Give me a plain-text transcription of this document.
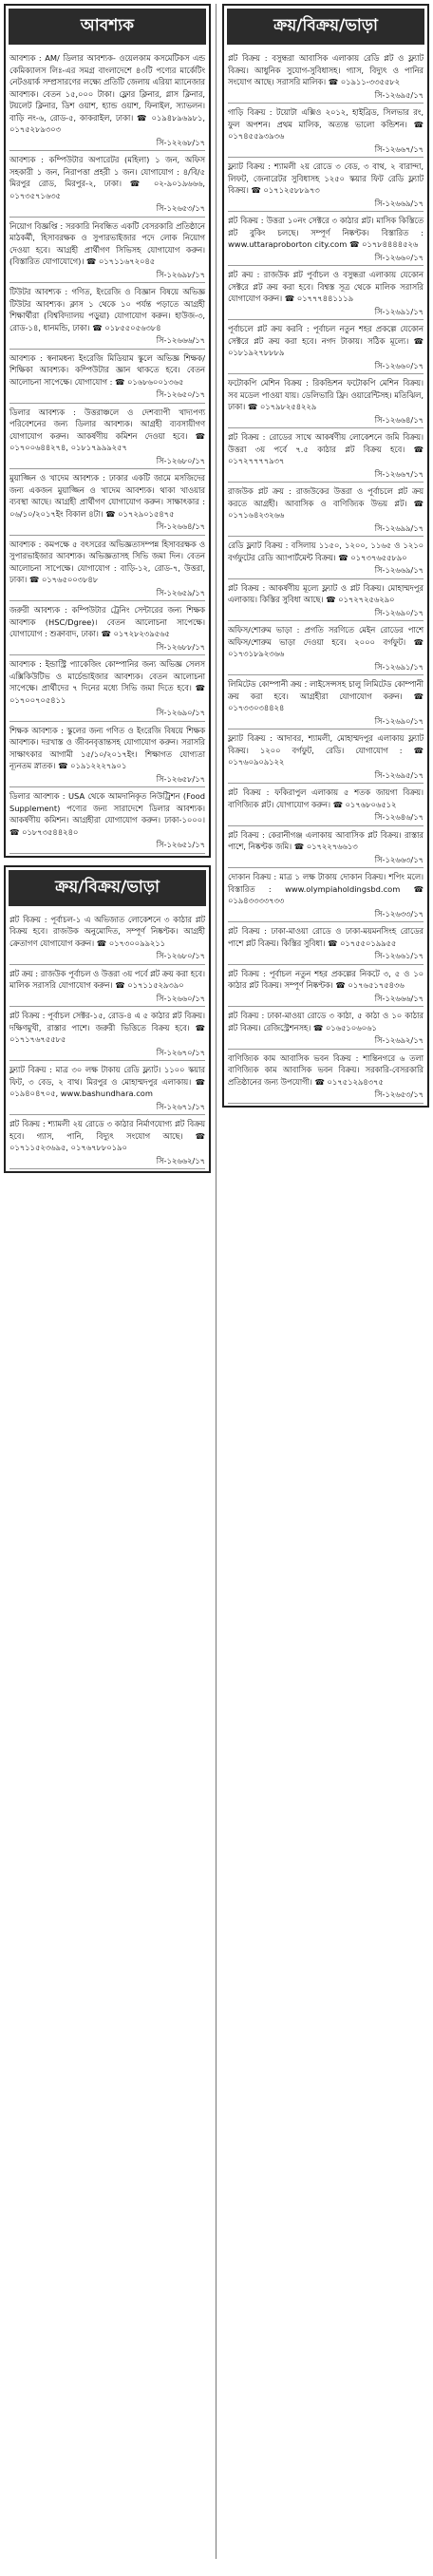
আবশ্যক
আবশ্যক : AM/ ডিলার আবশ্যক- ওয়েলকাম কসমেটিকস এন্ড কেমিক্যালস লিঃ-এর সমগ্র বাংলাদেশে ৪৩টি পণ্যের মার্কেটিং নেটওয়ার্ক সম্প্রসারণের লক্ষ্যে প্রতিটি জেলায় এরিয়া ম্যানেজার আবশ্যক। বেতন ১৫,০০০ টাকা। ফ্লোর ক্লিনার, গ্লাস ক্লিনার, টয়লেট ক্লিনার, ডিশ ওয়াশ, হ্যান্ড ওয়াশ, ফিনাইল, স্যাভলন। বাড়ি নং-৬, রোড-৫, কাকরাইল, ঢাকা। ☎ ০১৯৪৮৯৬৯৮১, ০১৭৫২৮৯৩০৩
সি-১২২৬৮/১৭
আবশ্যক : কম্পিউটার অপারেটর (মহিলা) ১ জন, অফিস সহকারী ১ জন, নিরাপত্তা প্রহরী ১ জন। যোগাযোগ : ৪/বি/৫ মিরপুর রোড, মিরপুর-২, ঢাকা। ☎ ০২-৯০১৯৬৬৬, ০১৭৩৫৭১৬৩৫
সি-১২৬৫৩/১৭
নিয়োগ বিজ্ঞপ্তি : সরকারি নিবন্ধিত একটি বেসরকারি প্রতিষ্ঠানে মাঠকর্মী, হিসাবরক্ষক ও সুপারভাইজার পদে লোক নিয়োগ দেওয়া হবে। আগ্রহী প্রার্থীগণ সিভিসহ যোগাযোগ করুন। (বিস্তারিত যোগাযোগে)। ☎ ০১৭১১৬৭২০৪৫
সি-১২৬৯৮/১৭
টিউটর আবশ্যক : গণিত, ইংরেজি ও বিজ্ঞান বিষয়ে অভিজ্ঞ টিউটর আবশ্যক। ক্লাস ১ থেকে ১০ পর্যন্ত পড়াতে আগ্রহী শিক্ষার্থীরা (বিশ্ববিদ্যালয় পড়ুয়া) যোগাযোগ করুন। হাউজ-৩, রোড-১৪, ধানমন্ডি, ঢাকা। ☎ ০১৮৫৫০৫৬৩৮৪
সি-১২৬৬৬/১৭
আবশ্যক : স্বনামধন্য ইংরেজি মিডিয়াম স্কুলে অভিজ্ঞ শিক্ষক/শিক্ষিকা আবশ্যক। কম্পিউটার জ্ঞান থাকতে হবে। বেতন আলোচনা সাপেক্ষে। যোগাযোগ : ☎ ০১৬৮৬০০১৩৬৫
সি-১২৬৫০/১৭
ডিলার আবশ্যক : উত্তরাঞ্চলে ও দেশব্যাপী খাদ্যপণ্য পরিবেশনের জন্য ডিলার আবশ্যক। আগ্রহী ব্যবসায়ীগণ যোগাযোগ করুন। আকর্ষণীয় কমিশন দেওয়া হবে। ☎ ০১৭০০৬৪৪২৭৪, ০১৮১৭৯৯৯২৫৭
সি-১২৬৮০/১৭
মুয়াজ্জিন ও খাদেম আবশ্যক : ঢাকার একটি জামে মসজিদের জন্য একজন মুয়াজ্জিন ও খাদেম আবশ্যক। থাকা খাওয়ার ব্যবস্থা আছে। আগ্রহী প্রার্থীগণ যোগাযোগ করুন। সাক্ষাৎকার : ০৬/১০/২০১৭ইং বিকাল ৪টা। ☎ ০১৭২৯০১৫৪৭৫
সি-১২৬৬৪/১৭
আবশ্যক : কমপক্ষে ৫ বৎসরের অভিজ্ঞতাসম্পন্ন হিসাবরক্ষক ও সুপারভাইজার আবশ্যক। অভিজ্ঞতাসহ সিভি জমা দিন। বেতন আলোচনা সাপেক্ষে। যোগাযোগ : বাড়ি-১২, রোড-৭, উত্তরা, ঢাকা। ☎ ০১৭৬৫০০৩৮৪৮
সি-১২৬৫৯/১৭
জরুরী আবশ্যক : কম্পিউটার ট্রেনিং সেন্টারের জন্য শিক্ষক আবশ্যক (HSC/Dgree)। বেতন আলোচনা সাপেক্ষে। যোগাযোগ : শুক্রাবাদ, ঢাকা। ☎ ০১৭২৮২৩৯৫৬৫
সি-১২৬৮৮/১৭
আবশ্যক : ইন্ডাস্ট্রি প্যাকেজিং কোম্পানির জন্য অভিজ্ঞ সেলস এক্সিকিউটিভ ও মার্চেন্ডাইজার আবশ্যক। বেতন আলোচনা সাপেক্ষে। প্রার্থীদের ৭ দিনের মধ্যে সিভি জমা দিতে হবে। ☎ ০১৭০০৭০৫৪১১
সি-১২৬৯০/১৭
শিক্ষক আবশ্যক : স্কুলের জন্য গণিত ও ইংরেজি বিষয়ে শিক্ষক আবশ্যক। দরখাস্ত ও জীবনবৃত্তান্তসহ যোগাযোগ করুন। সরাসরি সাক্ষাৎকার আগামী ১৫/১০/২০১৭ইং। শিক্ষাগত যোগ্যতা ন্যূনতম স্নাতক। ☎ ০১৯১২২২৭৯০১
সি-১২৬৫৮/১৭
ডিলার আবশ্যক : USA থেকে আমদানিকৃত নিউট্রিশন (Food Supplement) পণ্যের জন্য সারাদেশে ডিলার আবশ্যক। আকর্ষণীয় কমিশন। আগ্রহীরা যোগাযোগ করুন। ঢাকা-১০০০। ☎ ০১৮৭৩৫৪৪২৪০
সি-১২৬৫১/১৭
ক্রয়/বিক্রয়/ভাড়া
প্লট বিক্রয় : পূর্বাচল-১ এ অভিজাত লোকেশনে ৩ কাঠার প্লট বিক্রয় হবে। রাজউক অনুমোদিত, সম্পূর্ণ নিষ্কণ্টক। আগ্রহী ক্রেতাগণ যোগাযোগ করুন। ☎ ০১৭৩০০৯৯২১১
সি-১২৬৮০/১৭
প্লট ক্রয় : রাজউক পূর্বাচল ও উত্তরা ৩য় পর্বে প্লট ক্রয় করা হবে। মালিক সরাসরি যোগাযোগ করুন। ☎ ০১৭১১৫২৯৩৯০
সি-১২৬৬০/১৭
প্লট বিক্রয় : পূর্বাচল সেক্টর-১৫, রোড-৪ এ ৫ কাঠার প্লট বিক্রয়। দক্ষিণমুখী, রাস্তার পাশে। জরুরী ভিত্তিতে বিক্রয় হবে। ☎ ০১৭১৭৬৭৫৫৮৫
সি-১২৬৭০/১৭
ফ্ল্যাট বিক্রয় : মাত্র ৩০ লক্ষ টাকায় রেডি ফ্ল্যাট। ১১০০ স্কয়ার ফিট, ৩ বেড, ২ বাথ। মিরপুর ও মোহাম্মদপুর এলাকায়। ☎ ০১৯৪০৪৭০৫, www.bashundhara.com
সি-১২৬৭১/১৭
প্লট বিক্রয় : শ্যামলী ২য় রোডে ৩ কাঠার নির্মাণযোগ্য প্লট বিক্রয় হবে। গ্যাস, পানি, বিদ্যুৎ সংযোগ আছে। ☎ ০১৭১১৫২৩৬৯৫, ০১৭৬৭৮৮০১৯০
সি-১২৬৬২/১৭
ক্রয়/বিক্রয়/ভাড়া
প্লট বিক্রয় : বসুন্ধরা আবাসিক এলাকায় রেডি প্লট ও ফ্ল্যাট বিক্রয়। আধুনিক সুযোগ-সুবিধাসহ। গ্যাস, বিদ্যুৎ ও পানির সংযোগ আছে। সরাসরি মালিক। ☎ ০১৯১১-৩৩৫৫৮২
সি-১২৬৯৫/১৭
গাড়ি বিক্রয় : টয়োটা এক্সিও ২০১২, হাইব্রিড, সিলভার রং, ফুল অপশন। প্রথম মালিক, অত্যন্ত ভালো কন্ডিশন। ☎ ০১৭৪৫৫৯৩৯৩৬
সি-১২৬৬৭/১৭
ফ্ল্যাট বিক্রয় : শ্যামলী ২য় রোডে ৩ বেড, ৩ বাথ, ২ বারান্দা, লিফট, জেনারেটর সুবিধাসহ ১২৫০ স্কয়ার ফিট রেডি ফ্ল্যাট বিক্রয়। ☎ ০১৭১২৫৮৮৯৭৩
সি-১২৬৬৯/১৭
প্লট বিক্রয় : উত্তরা ১০নং সেক্টরে ৩ কাঠার প্লট। মাসিক কিস্তিতে প্লট বুকিং চলছে। সম্পূর্ণ নিষ্কণ্টক। বিস্তারিত : www.uttaraproborton city.com ☎ ০১৭৮৪৪৪৪৫২৬
সি-১২৬৬০/১৭
প্লট ক্রয় : রাজউক প্লট পূর্বাচল ও বসুন্ধরা এলাকায় যেকোন সেক্টরে প্লট ক্রয় করা হবে। বিশ্বস্ত সূত্র থেকে মালিক সরাসরি যোগাযোগ করুন। ☎ ০১৭৭৭৪৪১১১৯
সি-১২৬৯১/১৭
পূর্বাচলে প্লট ক্রয় করবি : পূর্বাচল নতুন শহর প্রকল্পে যেকোন সেক্টরে প্লট ক্রয় করা হবে। নগদ টাকায়। সঠিক মূল্যে। ☎ ০১৮১৯২৭৮৮৮৯
সি-১২৬৬০/১৭
ফটোকপি মেশিন বিক্রয় : রিকন্ডিশন ফটোকপি মেশিন বিক্রয়। সব মডেল পাওয়া যায়। ডেলিভারি ফ্রি। ওয়ারেন্টিসহ। মতিঝিল, ঢাকা। ☎ ০১৭৯৮২৫৪২২৯
সি-১২৬৬৪/১৭
প্লট বিক্রয় : রোডের সাথে আকর্ষণীয় লোকেশনে জমি বিক্রয়। উত্তরা ৩য় পর্বে ৭.৫ কাঠার প্লট বিক্রয় হবে। ☎ ০১৭২৭৭৭৭৯৩৭
সি-১২৬৬৭/১৭
রাজউক প্লট ক্রয় : রাজউকের উত্তরা ও পূর্বাচলে প্লট ক্রয় করতে আগ্রহী। আবাসিক ও বাণিজ্যিক উভয় প্লট। ☎ ০১৭১৬৪২৩২৬৬
সি-১২৬৯৯/১৭
রেডি ফ্ল্যাট বিক্রয় : বসিলায় ১১৫০, ১২০০, ১১৬৫ ও ১২১০ বর্গফুটের রেডি অ্যাপার্টমেন্ট বিক্রয়। ☎ ০১৭৩৭৬৫৫৮৯০
সি-১২৬৬৯/১৭
প্লট বিক্রয় : আকর্ষণীয় মূল্যে ফ্ল্যাট ও প্লট বিক্রয়। মোহাম্মদপুর এলাকায়। কিস্তির সুবিধা আছে। ☎ ০১৭২৭২৫৬২৯০
সি-১২৬৯০/১৭
অফিস/শোরুম ভাড়া : প্রগতি সরণিতে মেইন রোডের পাশে অফিস/শোরুম ভাড়া দেওয়া হবে। ২০০০ বর্গফুট। ☎ ০১৭৩১৮৯২৩৬৬
সি-১২৬৯১/১৭
লিমিটেড কোম্পানী ক্রয় : লাইসেন্সসহ চালু লিমিটেড কোম্পানী ক্রয় করা হবে। আগ্রহীরা যোগাযোগ করুন। ☎ ০১৭৩৩০৩৪৪২৪
সি-১২৬৯০/১৭
ফ্ল্যাট বিক্রয় : আদাবর, শ্যামলী, মোহাম্মদপুর এলাকায় ফ্ল্যাট বিক্রয়। ১২০০ বর্গফুট, রেডি। যোগাযোগ : ☎ ০১৭৬০৯০৯১২২
সি-১২৬৯৫/১৭
প্লট বিক্রয় : ফকিরাপুল এলাকায় ৫ শতক জায়গা বিক্রয়। বাণিজ্যিক প্লট। যোগাযোগ করুন। ☎ ০১৭৬৮০৬৫১২
সি-১২৬৪৬/১৭
প্লট বিক্রয় : কেরানীগঞ্জ এলাকায় আবাসিক প্লট বিক্রয়। রাস্তার পাশে, নিষ্কণ্টক জমি। ☎ ০১৭২২৭৬৬১৩
সি-১২৬৬৩/১৭
দোকান বিক্রয় : মাত্র ১ লক্ষ টাকায় দোকান বিক্রয়। শপিং মলে। বিস্তারিত : www.olympiaholdingsbd.com ☎ ০১৯৪৩৩৩৩৭৩৩
সি-১২৬৩৩/১৭
প্লট বিক্রয় : ঢাকা-মাওয়া রোডে ও ঢাকা-ময়মনসিংহ রোডের পাশে প্লট বিক্রয়। কিস্তির সুবিধা। ☎ ০১৭৫৫০১৯৯৫৫
সি-১২৬৬১/১৭
প্লট বিক্রয় : পূর্বাচল নতুন শহর প্রকল্পের নিকটে ৩, ৫ ও ১০ কাঠার প্লট বিক্রয়। সম্পূর্ণ নিষ্কণ্টক। ☎ ০১৭৬৫১৭৫৪৩৬
সি-১২৬৬৬/১৭
প্লট বিক্রয় : ঢাকা-মাওয়া রোডে ৩ কাঠা, ৫ কাঠা ও ১০ কাঠার প্লট বিক্রয়। রেজিস্ট্রেশনসহ। ☎ ০১৬৫১০৬০৬১
সি-১২৬৯২/১৭
বাণিজ্যিক কাম আবাসিক ভবন বিক্রয় : শান্তিনগরে ৬ তলা বাণিজ্যিক কাম আবাসিক ভবন বিক্রয়। সরকারি-বেসরকারি প্রতিষ্ঠানের জন্য উপযোগী। ☎ ০১৭৫১২৯৪৩৭৫
সি-১২৬৫৩/১৭
